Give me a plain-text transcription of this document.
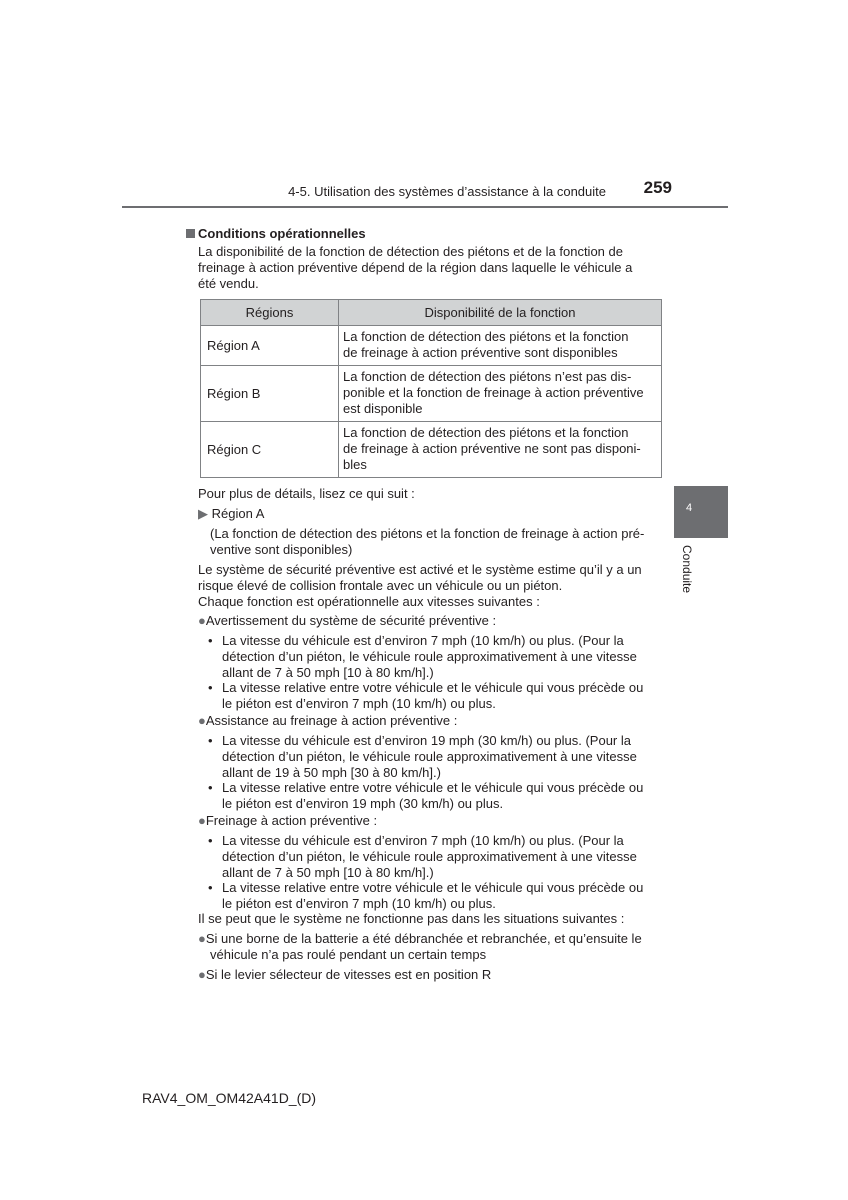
4-5. Utilisation des systèmes d’assistance à la conduite	259
Conditions opérationnelles
La disponibilité de la fonction de détection des piétons et de la fonction de
freinage à action préventive dépend de la région dans laquelle le véhicule a
été vendu.
Régions	Disponibilité de la fonction
Région A	La fonction de détection des piétons et la fonction
de freinage à action préventive sont disponibles

Région B	La fonction de détection des piétons n’est pas dis-
ponible et la fonction de freinage à action préventive
est disponible

Région C	La fonction de détection des piétons et la fonction
de freinage à action préventive ne sont pas disponi-
bles
Pour plus de détails, lisez ce qui suit :
▶ Région A
(La fonction de détection des piétons et la fonction de freinage à action pré-
ventive sont disponibles)
Le système de sécurité préventive est activé et le système estime qu’il y a un
risque élevé de collision frontale avec un véhicule ou un piéton.
Chaque fonction est opérationnelle aux vitesses suivantes :
●Avertissement du système de sécurité préventive :
• La vitesse du véhicule est d’environ 7 mph (10 km/h) ou plus. (Pour la
détection d’un piéton, le véhicule roule approximativement à une vitesse
allant de 7 à 50 mph [10 à 80 km/h].)
• La vitesse relative entre votre véhicule et le véhicule qui vous précède ou
le piéton est d’environ 7 mph (10 km/h) ou plus.
●Assistance au freinage à action préventive :
• La vitesse du véhicule est d’environ 19 mph (30 km/h) ou plus. (Pour la
détection d’un piéton, le véhicule roule approximativement à une vitesse
allant de 19 à 50 mph [30 à 80 km/h].)
• La vitesse relative entre votre véhicule et le véhicule qui vous précède ou
le piéton est d’environ 19 mph (30 km/h) ou plus.
●Freinage à action préventive :
• La vitesse du véhicule est d’environ 7 mph (10 km/h) ou plus. (Pour la
détection d’un piéton, le véhicule roule approximativement à une vitesse
allant de 7 à 50 mph [10 à 80 km/h].)
• La vitesse relative entre votre véhicule et le véhicule qui vous précède ou
le piéton est d’environ 7 mph (10 km/h) ou plus.
Il se peut que le système ne fonctionne pas dans les situations suivantes :
●Si une borne de la batterie a été débranchée et rebranchée, et qu’ensuite le
véhicule n’a pas roulé pendant un certain temps
●Si le levier sélecteur de vitesses est en position R
4
Conduite
RAV4_OM_OM42A41D_(D)
